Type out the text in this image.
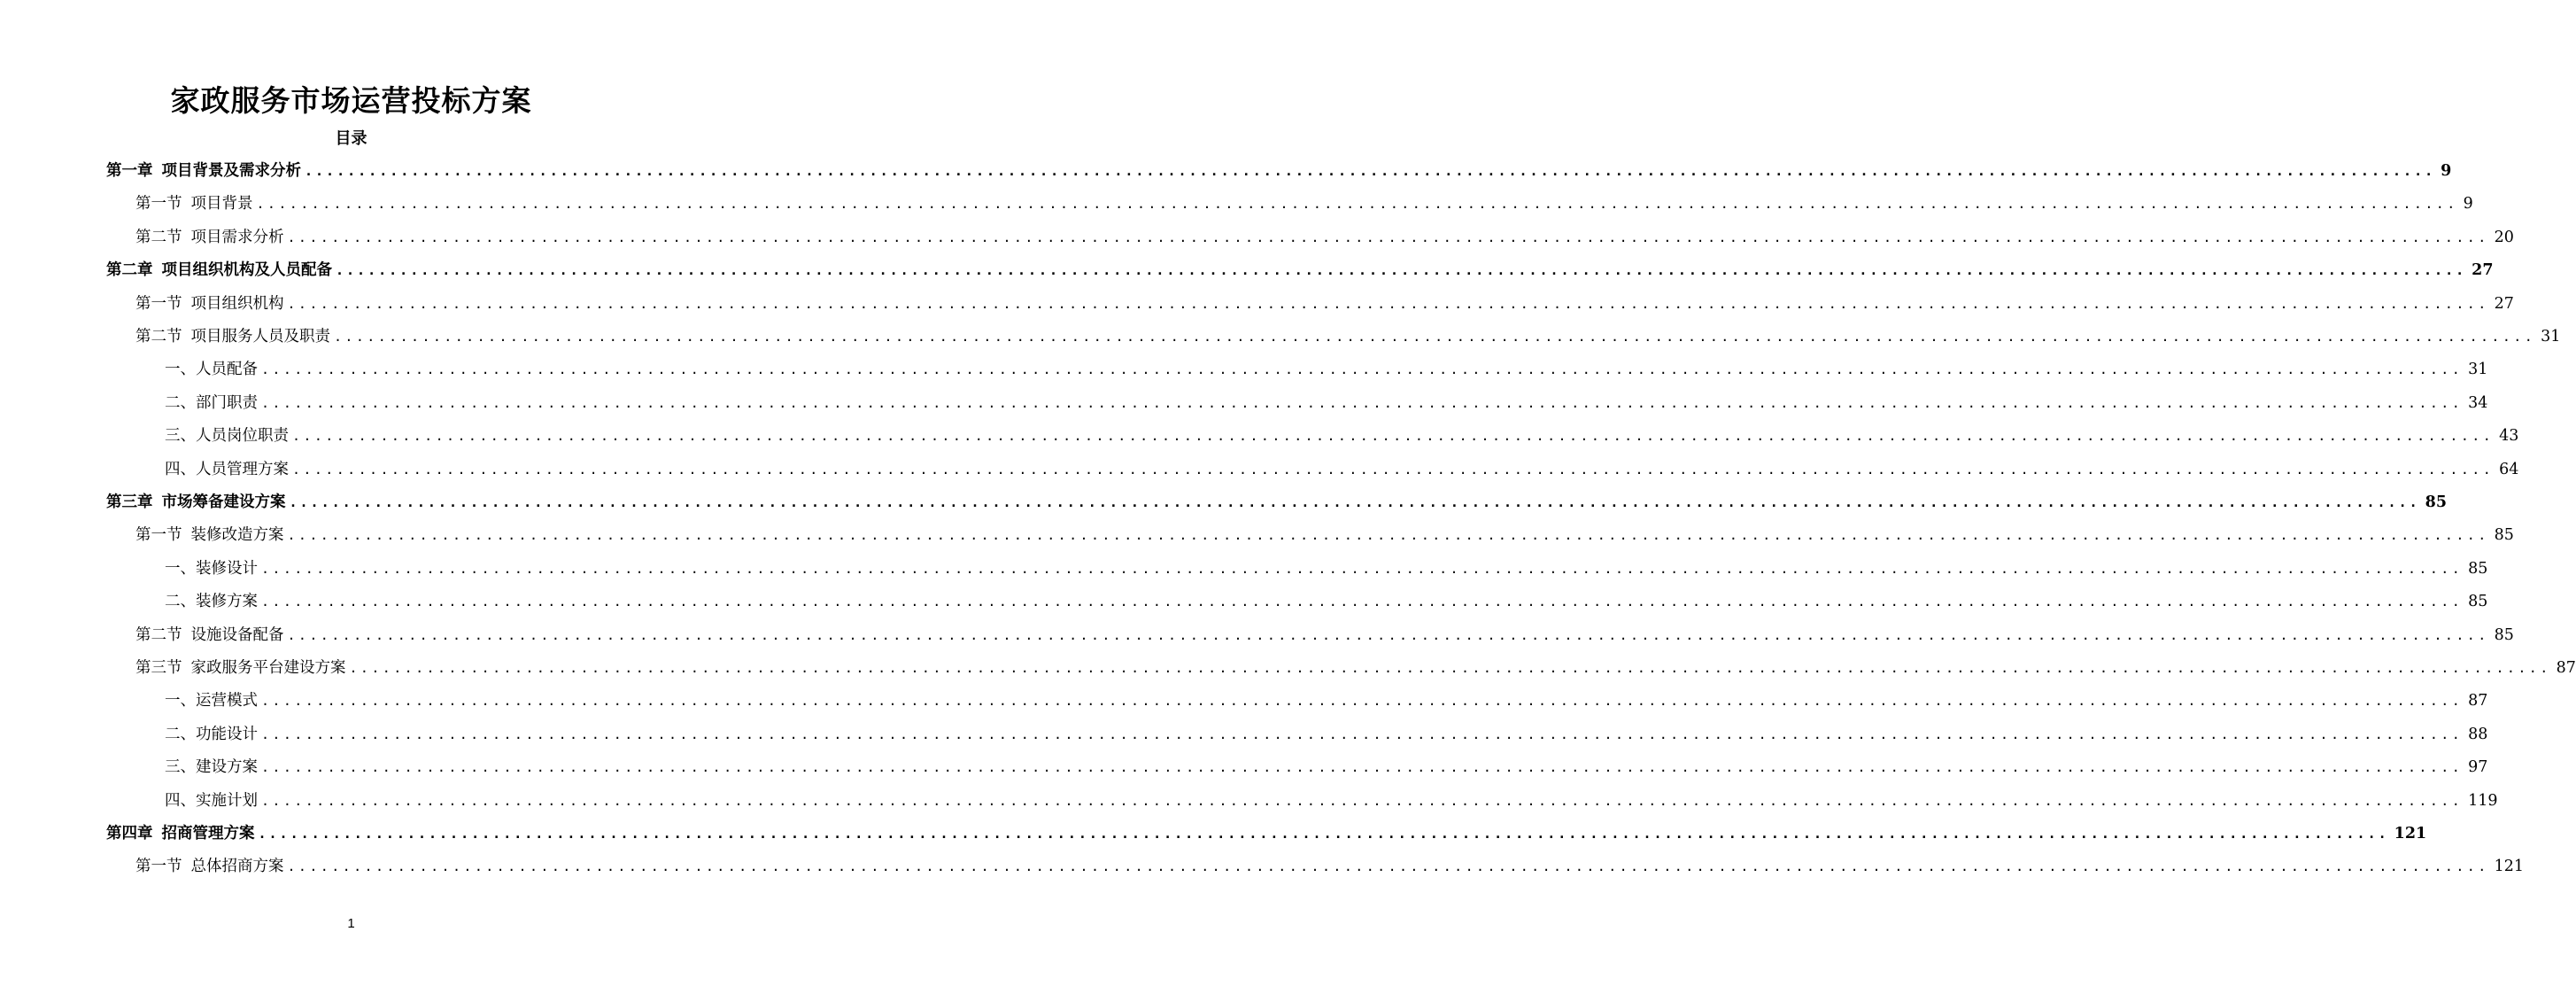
家政服务市场运营投标方案
目录
第一章 项目背景及需求分析 ........................................................................................................................................................................................................ 9
第一节 项目背景 ........................................................................................................................................................................................................ 9
第二节 项目需求分析 ........................................................................................................................................................................................................ 20
第二章 项目组织机构及人员配备 ........................................................................................................................................................................................................ 27
第一节 项目组织机构 ........................................................................................................................................................................................................ 27
第二节 项目服务人员及职责 ........................................................................................................................................................................................................ 31
一、 人员配备 ........................................................................................................................................................................................................ 31
二、 部门职责 ........................................................................................................................................................................................................ 34
三、 人员岗位职责 ........................................................................................................................................................................................................ 43
四、 人员管理方案 ........................................................................................................................................................................................................ 64
第三章 市场筹备建设方案 ........................................................................................................................................................................................................ 85
第一节 装修改造方案 ........................................................................................................................................................................................................ 85
一、 装修设计 ........................................................................................................................................................................................................ 85
二、 装修方案 ........................................................................................................................................................................................................ 85
第二节 设施设备配备 ........................................................................................................................................................................................................ 85
第三节 家政服务平台建设方案 ........................................................................................................................................................................................................ 87
一、 运营模式 ........................................................................................................................................................................................................ 87
二、 功能设计 ........................................................................................................................................................................................................ 88
三、 建设方案 ........................................................................................................................................................................................................ 97
四、 实施计划 ........................................................................................................................................................................................................ 119
第四章 招商管理方案 ........................................................................................................................................................................................................ 121
第一节 总体招商方案 ........................................................................................................................................................................................................ 121
1
